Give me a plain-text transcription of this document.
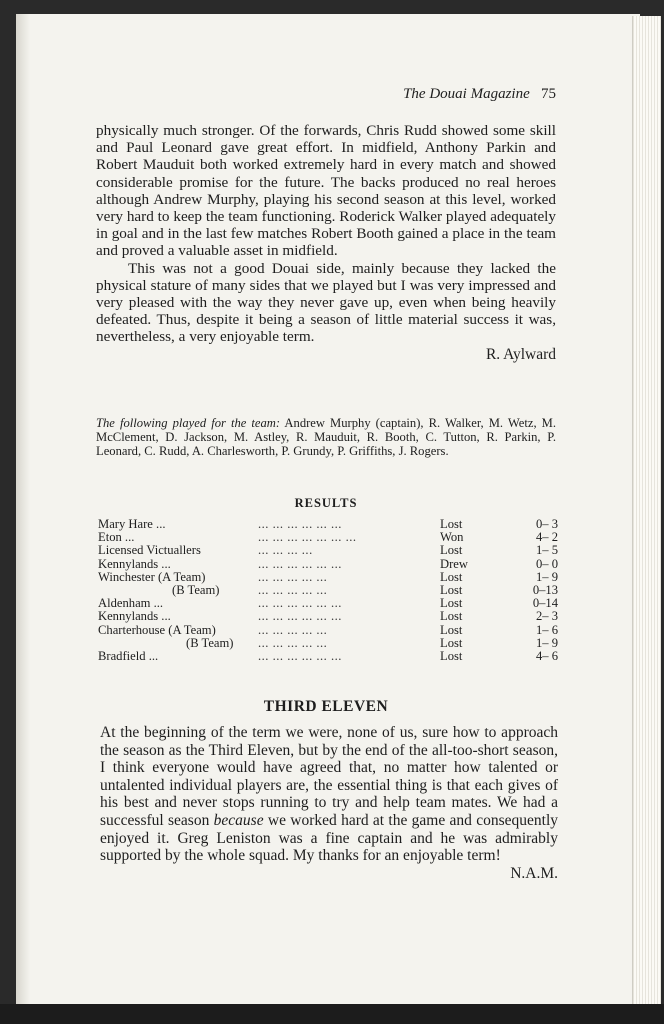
The Douai Magazine 75

physically much stronger. Of the forwards, Chris Rudd showed some skill and Paul Leonard gave great effort. In midfield, Anthony Parkin and Robert Mauduit both worked extremely hard in every match and showed considerable promise for the future. The backs produced no real heroes although Andrew Murphy, playing his second season at this level, worked very hard to keep the team functioning. Roderick Walker played adequately in goal and in the last few matches Robert Booth gained a place in the team and proved a valuable asset in midfield.

This was not a good Douai side, mainly because they lacked the physical stature of many sides that we played but I was very impressed and very pleased with the way they never gave up, even when being heavily defeated. Thus, despite it being a season of little material success it was, nevertheless, a very enjoyable term.

R. Aylward

The following played for the team: Andrew Murphy (captain), R. Walker, M. Wetz, M. McClement, D. Jackson, M. Astley, R. Mauduit, R. Booth, C. Tutton, R. Parkin, P. Leonard, C. Rudd, A. Charlesworth, P. Grundy, P. Griffiths, J. Rogers.
RESULTS
Mary Hare ...	... ... ... ... ... ...	Lost	0– 3
Eton ...	... ... ... ... ... ... ...	Won	4– 2
Licensed Victuallers	... ... ... ...	Lost	1– 5
Kennylands ...	... ... ... ... ... ...	Drew	0– 0
Winchester (A Team)	... ... ... ... ...	Lost	1– 9
(B Team)	... ... ... ... ...	Lost	0–13
Aldenham ...	... ... ... ... ... ...	Lost	0–14
Kennylands ...	... ... ... ... ... ...	Lost	2– 3
Charterhouse (A Team)	... ... ... ... ...	Lost	1– 6
(B Team) ... ... ... ... ...	Lost	1– 9
Bradfield ...	... ... ... ... ... ...	Lost	4– 6
THIRD ELEVEN

At the beginning of the term we were, none of us, sure how to approach the season as the Third Eleven, but by the end of the all-too-short season, I think everyone would have agreed that, no matter how talented or untalented individual players are, the essential thing is that each gives of his best and never stops running to try and help team mates. We had a successful season because we worked hard at the game and consequently enjoyed it. Greg Leniston was a fine captain and he was admirably supported by the whole squad. My thanks for an enjoyable term!

N.A.M.
